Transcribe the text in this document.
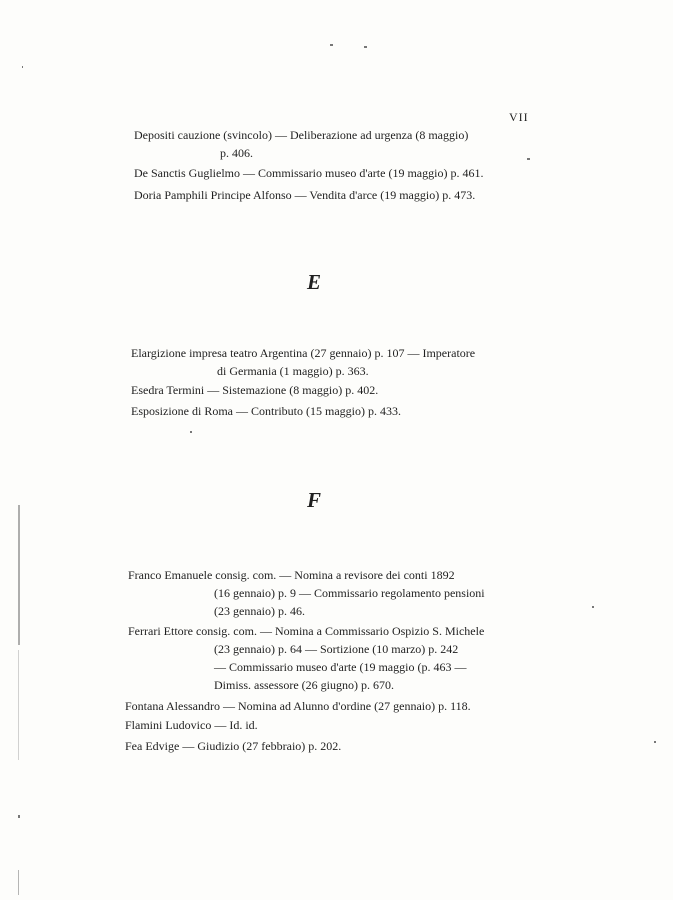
VII
Depositi cauzione (svincolo) — Deliberazione ad urgenza (8 maggio)
p. 406.
De Sanctis Guglielmo — Commissario museo d'arte (19 maggio) p. 461.
Doria Pamphili Principe Alfonso — Vendita d'arce (19 maggio) p. 473.
E
Elargizione impresa teatro Argentina (27 gennaio) p. 107 — Imperatore
di Germania (1 maggio) p. 363.
Esedra Termini — Sistemazione (8 maggio) p. 402.
Esposizione di Roma — Contributo (15 maggio) p. 433.
F
Franco Emanuele consig. com. — Nomina a revisore dei conti 1892
(16 gennaio) p. 9 — Commissario regolamento pensioni
(23 gennaio) p. 46.
Ferrari Ettore consig. com. — Nomina a Commissario Ospizio S. Michele
(23 gennaio) p. 64 — Sortizione (10 marzo) p. 242
— Commissario museo d'arte (19 maggio (p. 463 —
Dimiss. assessore (26 giugno) p. 670.
Fontana Alessandro — Nomina ad Alunno d'ordine (27 gennaio) p. 118.
Flamini Ludovico — Id. id.
Fea Edvige — Giudizio (27 febbraio) p. 202.
